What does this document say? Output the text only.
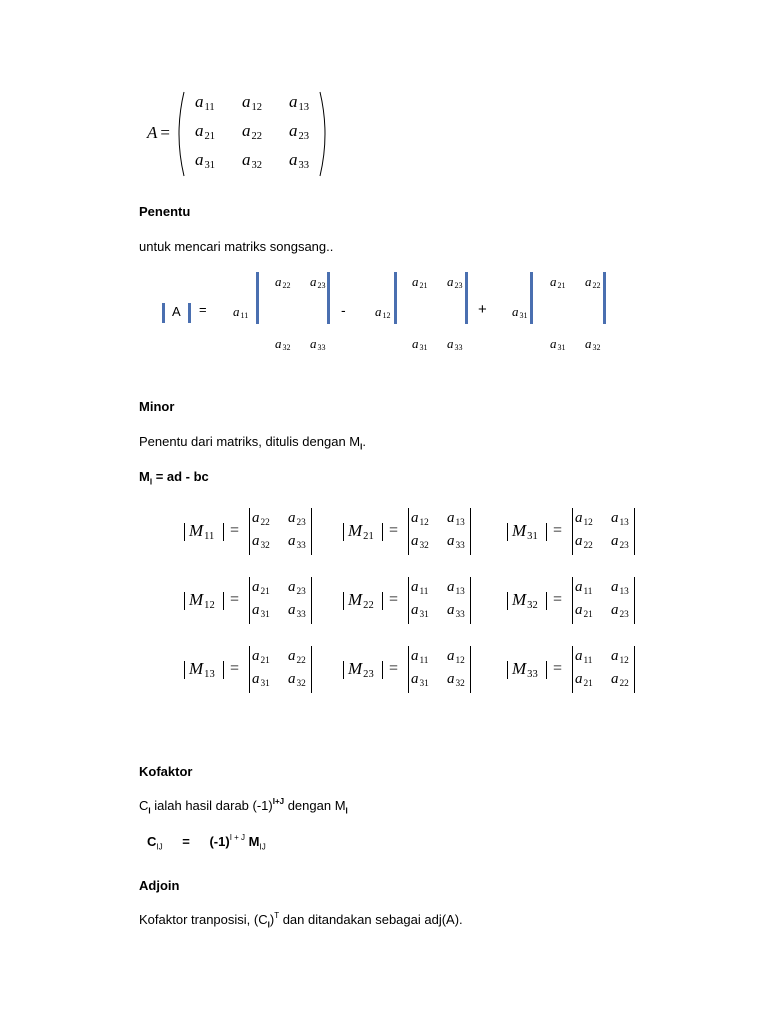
A =
a11 a12 a13
a21 a22 a23
a31 a32 a33
Penentu
untuk mencari matriks songsang..
A = a11
a22 a23
a32 a33
a12
a21 a23
a31 a33
a31
a21 a22
a31 a32
-	+
Minor
Penentu dari matriks, ditulis dengan $M_I$.
$M_I$ = ad - bc
M11 =
a22 a23
a32 a33
M21 =
a12 a13
a32 a33
M31 =
a12 a13
a22 a23
M12 =
a21 a23
a31 a33
M22 =
a11 a13
a31 a33
M32 =
a11 a13
a21 a23
M13 =
a21 a22
a31 a32
M23 =
a11 a12
a31 a32
M33 =
a11 a12
a21 a22
Kofaktor
$C_I$ ialah hasil darab $(-1)^{I+J}$ dengan $M_I$
$C_{IJ} = (-1)^{I + J}$ $M_{IJ}$
Adjoin
Kofaktor tranposisi, $(C_I)^T$ dan ditandakan sebagai adj(A).
